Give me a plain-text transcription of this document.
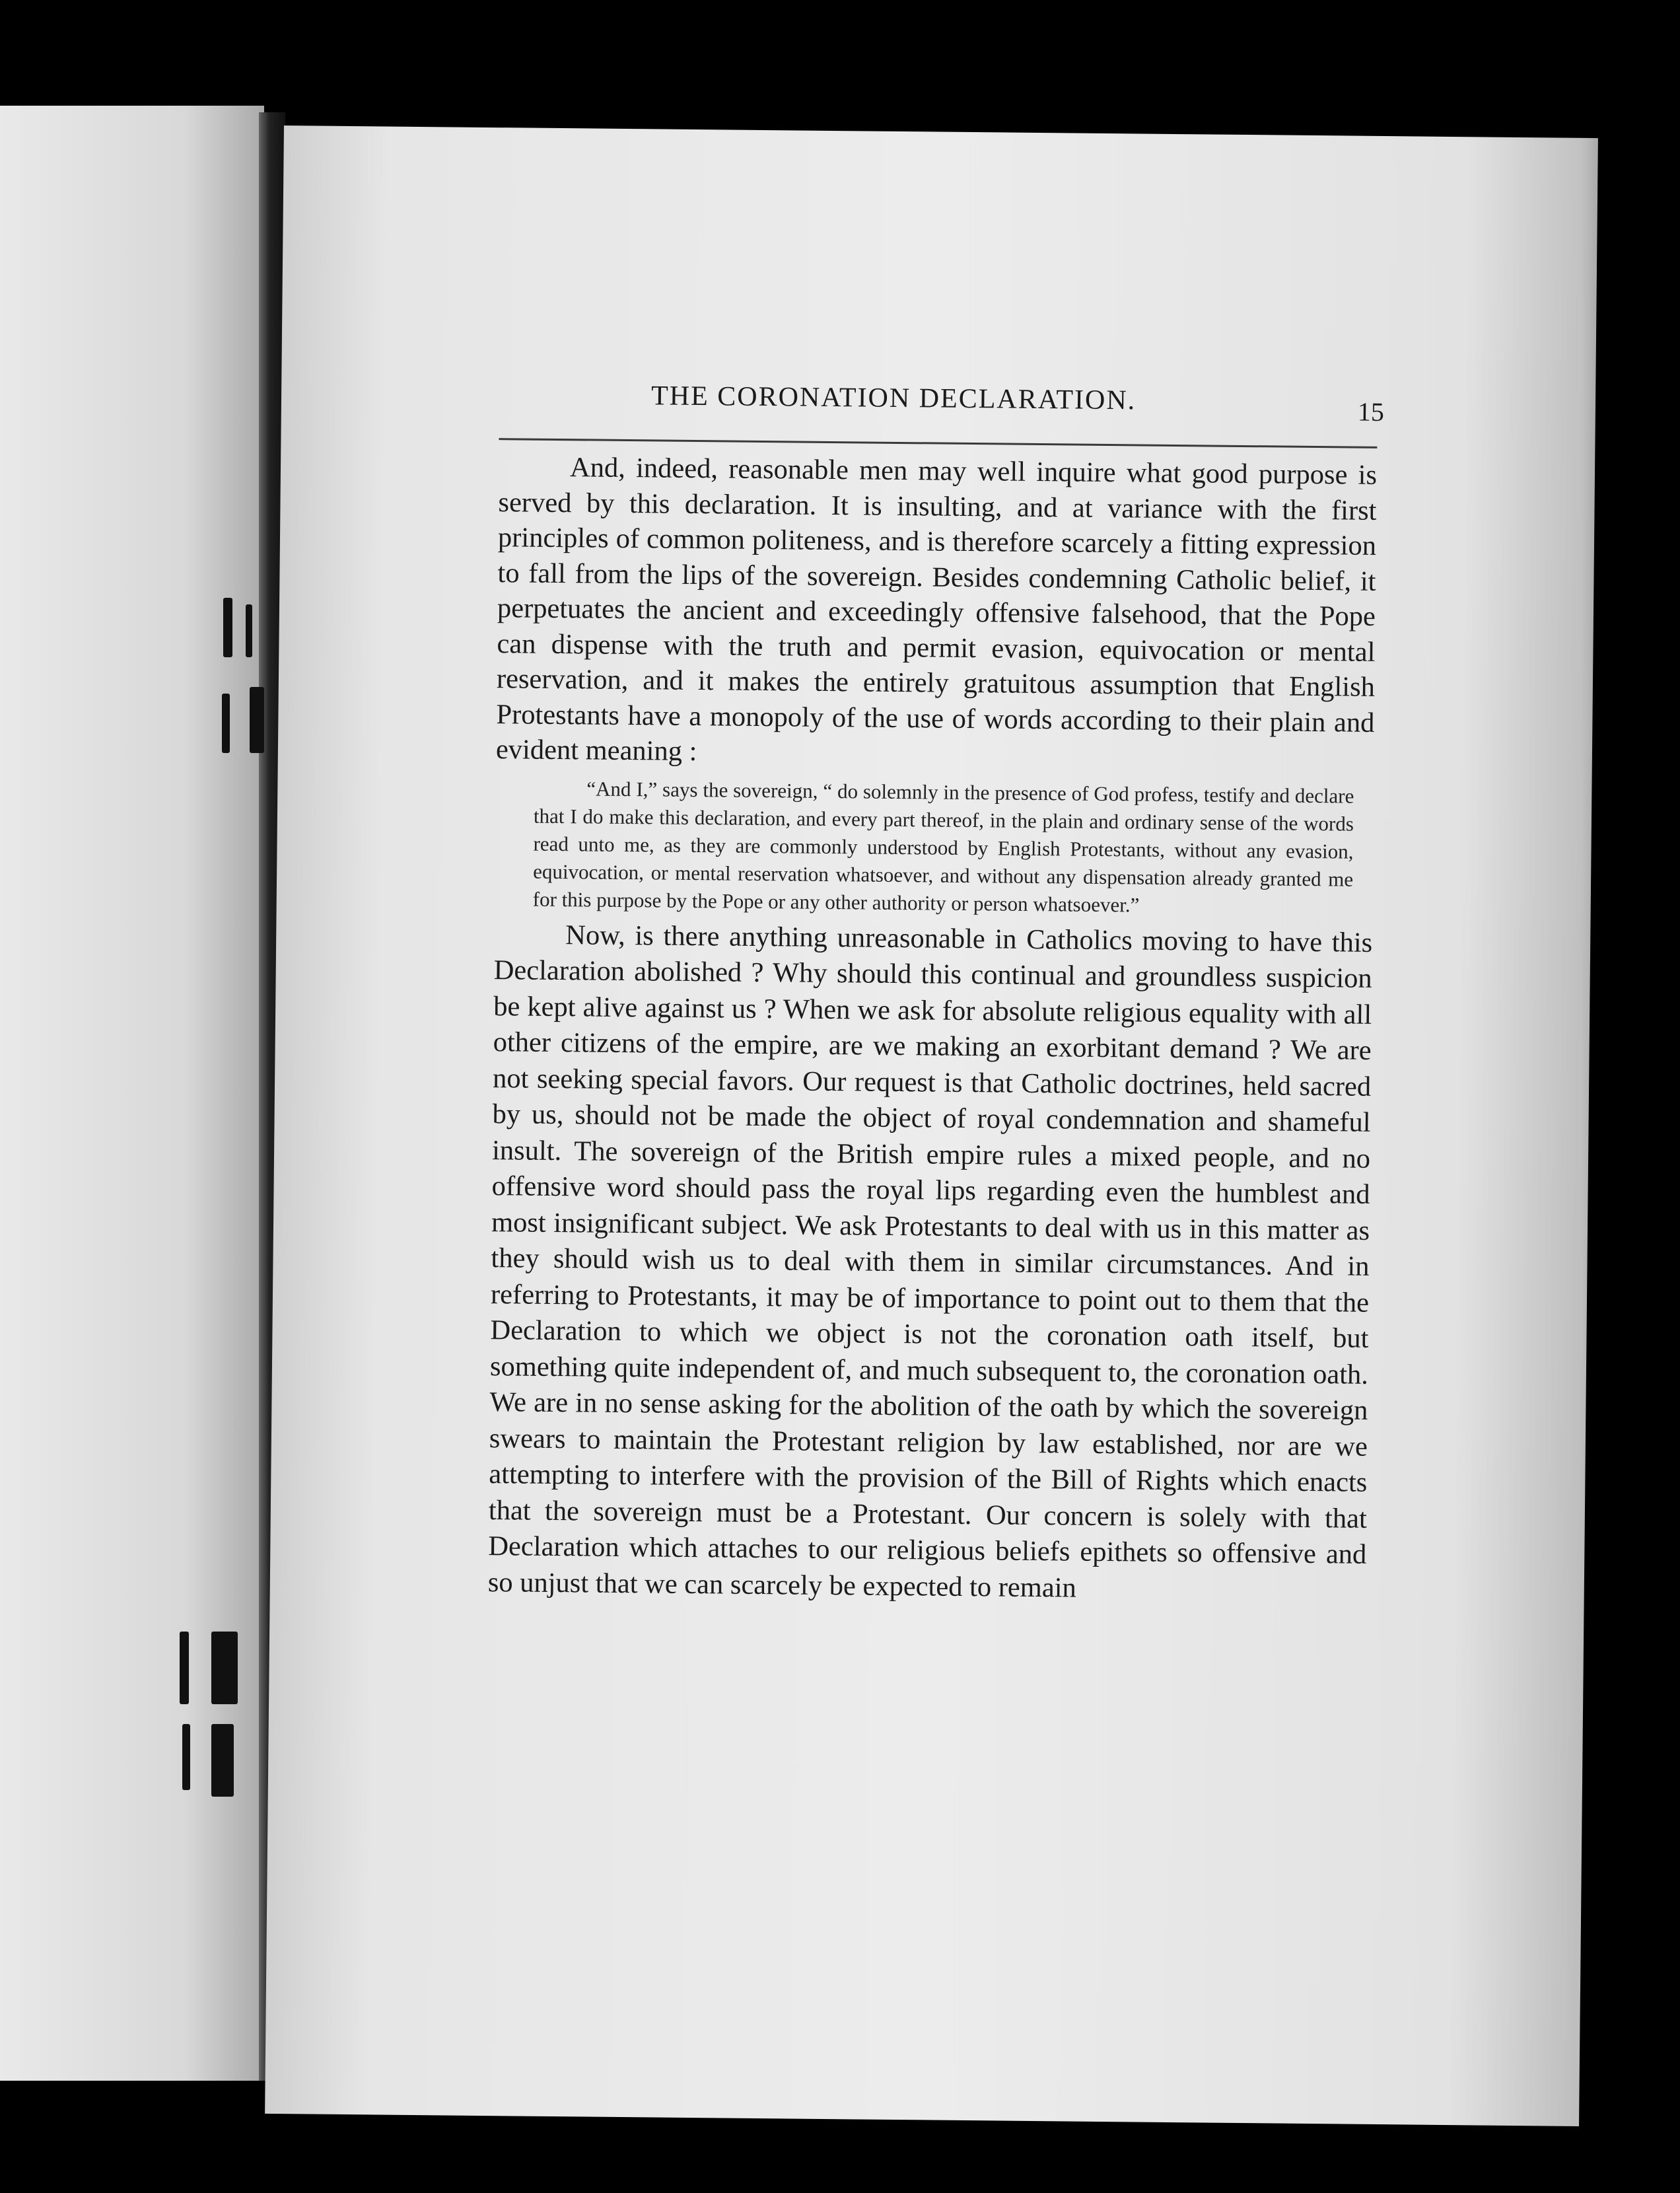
THE CORONATION DECLARATION.	15

And, indeed, reasonable men may well inquire what good purpose is served by this declaration. It is insulting, and at variance with the first principles of common politeness, and is therefore scarcely a fitting expression to fall from the lips of the sovereign. Besides condemning Catholic belief, it perpetuates the ancient and exceedingly offensive falsehood, that the Pope can dispense with the truth and permit evasion, equivocation or mental reservation, and it makes the entirely gratuitous assumption that English Protestants have a monopoly of the use of words according to their plain and evident meaning :

“And I,” says the sovereign, “ do solemnly in the presence of God profess, testify and declare that I do make this declaration, and every part thereof, in the plain and ordinary sense of the words read unto me, as they are commonly understood by English Protestants, without any evasion, equivocation, or mental reservation whatsoever, and without any dispensation already granted me for this purpose by the Pope or any other authority or person whatsoever.”

Now, is there anything unreasonable in Catholics moving to have this Declaration abolished ? Why should this continual and groundless suspicion be kept alive against us ? When we ask for absolute religious equality with all other citizens of the empire, are we making an exorbitant demand ? We are not seeking special favors. Our request is that Catholic doctrines, held sacred by us, should not be made the object of royal condemnation and shameful insult. The sovereign of the British empire rules a mixed people, and no offensive word should pass the royal lips regarding even the humblest and most insignificant subject. We ask Protestants to deal with us in this matter as they should wish us to deal with them in similar circumstances. And in referring to Protestants, it may be of importance to point out to them that the Declaration to which we object is not the coronation oath itself, but something quite independent of, and much subsequent to, the coronation oath. We are in no sense asking for the abolition of the oath by which the sovereign swears to maintain the Protestant religion by law established, nor are we attempting to interfere with the provision of the Bill of Rights which enacts that the sovereign must be a Protestant. Our concern is solely with that Declaration which attaches to our religious beliefs epithets so offensive and so unjust that we can scarcely be expected to remain
